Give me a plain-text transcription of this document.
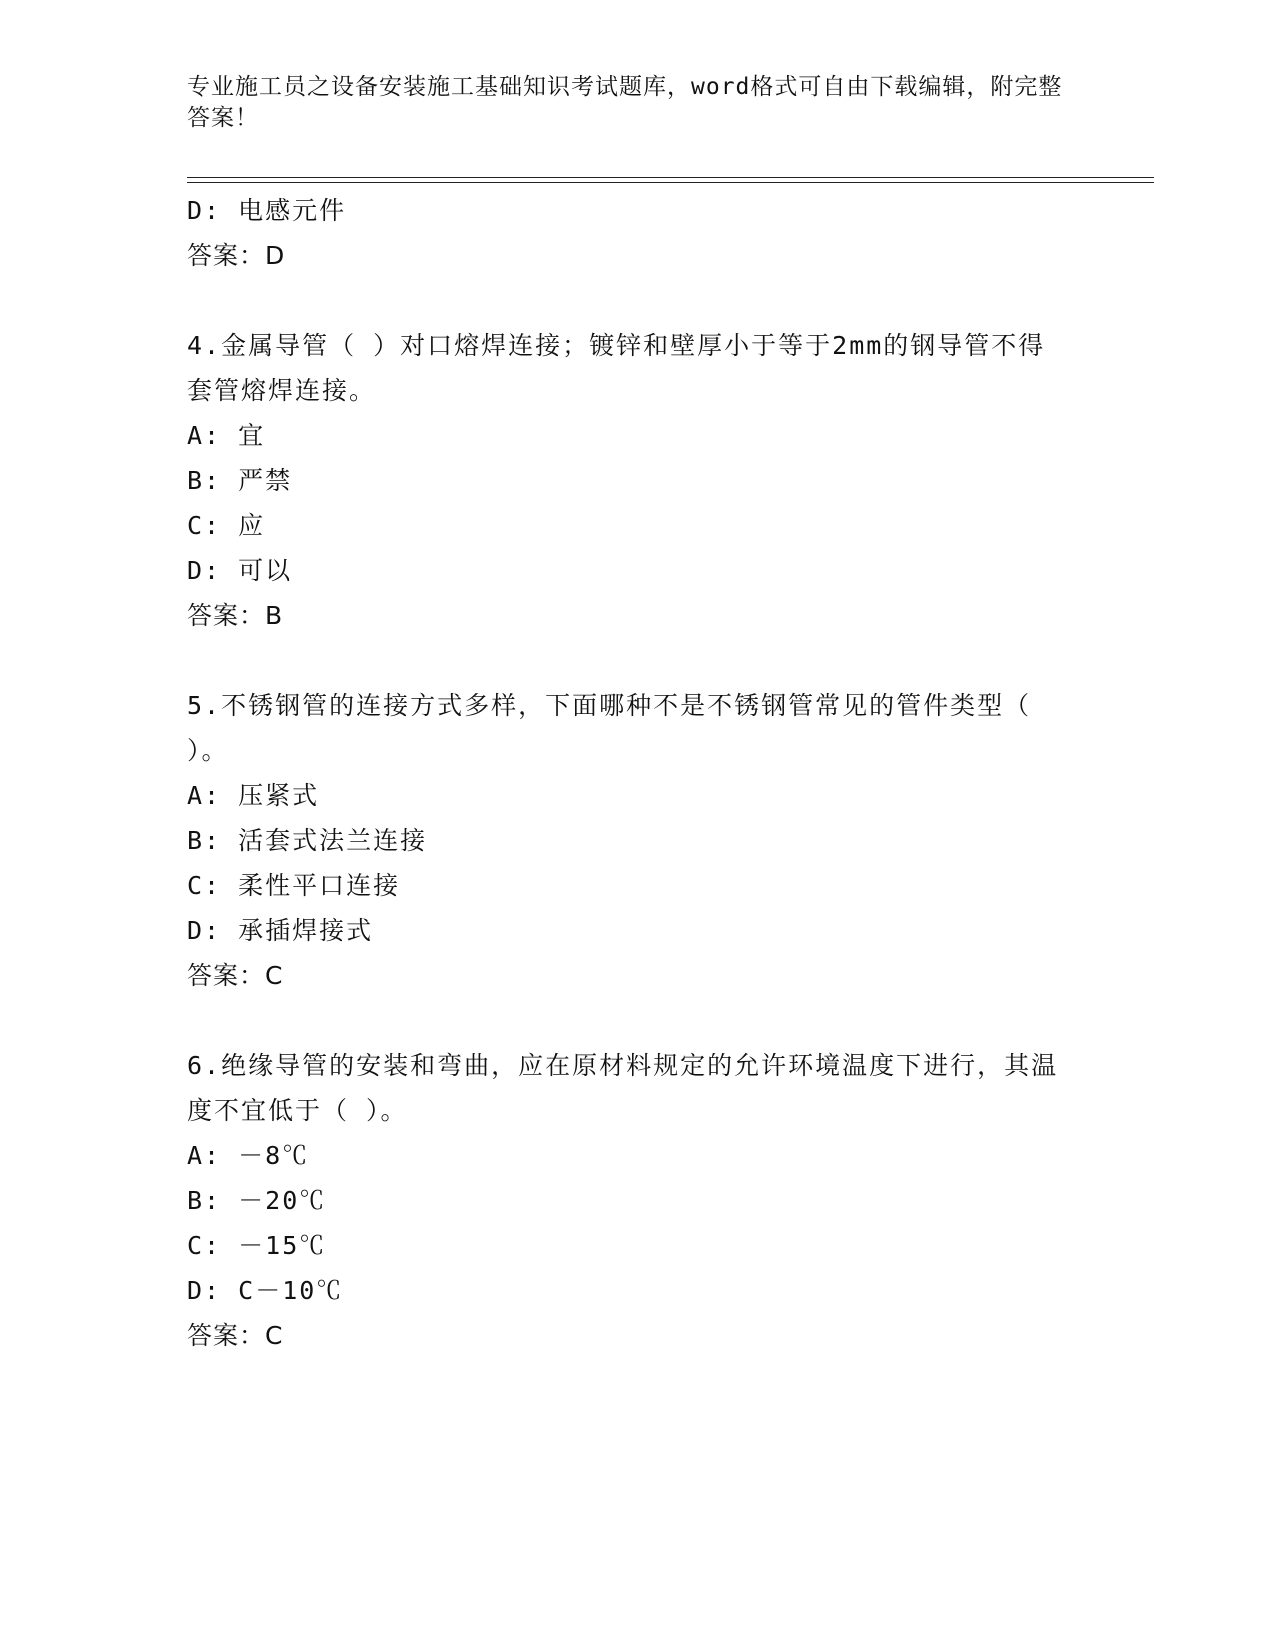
专业施工员之设备安装施工基础知识考试题库，word格式可自由下载编辑，附完整答案！
D: 电感元件
答案：D
4.金属导管（ ）对口熔焊连接；镀锌和壁厚小于等于2mm的钢导管不得套管熔焊连接。
A: 宜
B: 严禁
C: 应
D: 可以
答案：B
5.不锈钢管的连接方式多样，下面哪种不是不锈钢管常见的管件类型（ ）。
A: 压紧式
B: 活套式法兰连接
C: 柔性平口连接
D: 承插焊接式
答案：C
6.绝缘导管的安装和弯曲，应在原材料规定的允许环境温度下进行，其温度不宜低于（ ）。
A: －8℃
B: －20℃
C: －15℃
D: C－10℃
答案：C
